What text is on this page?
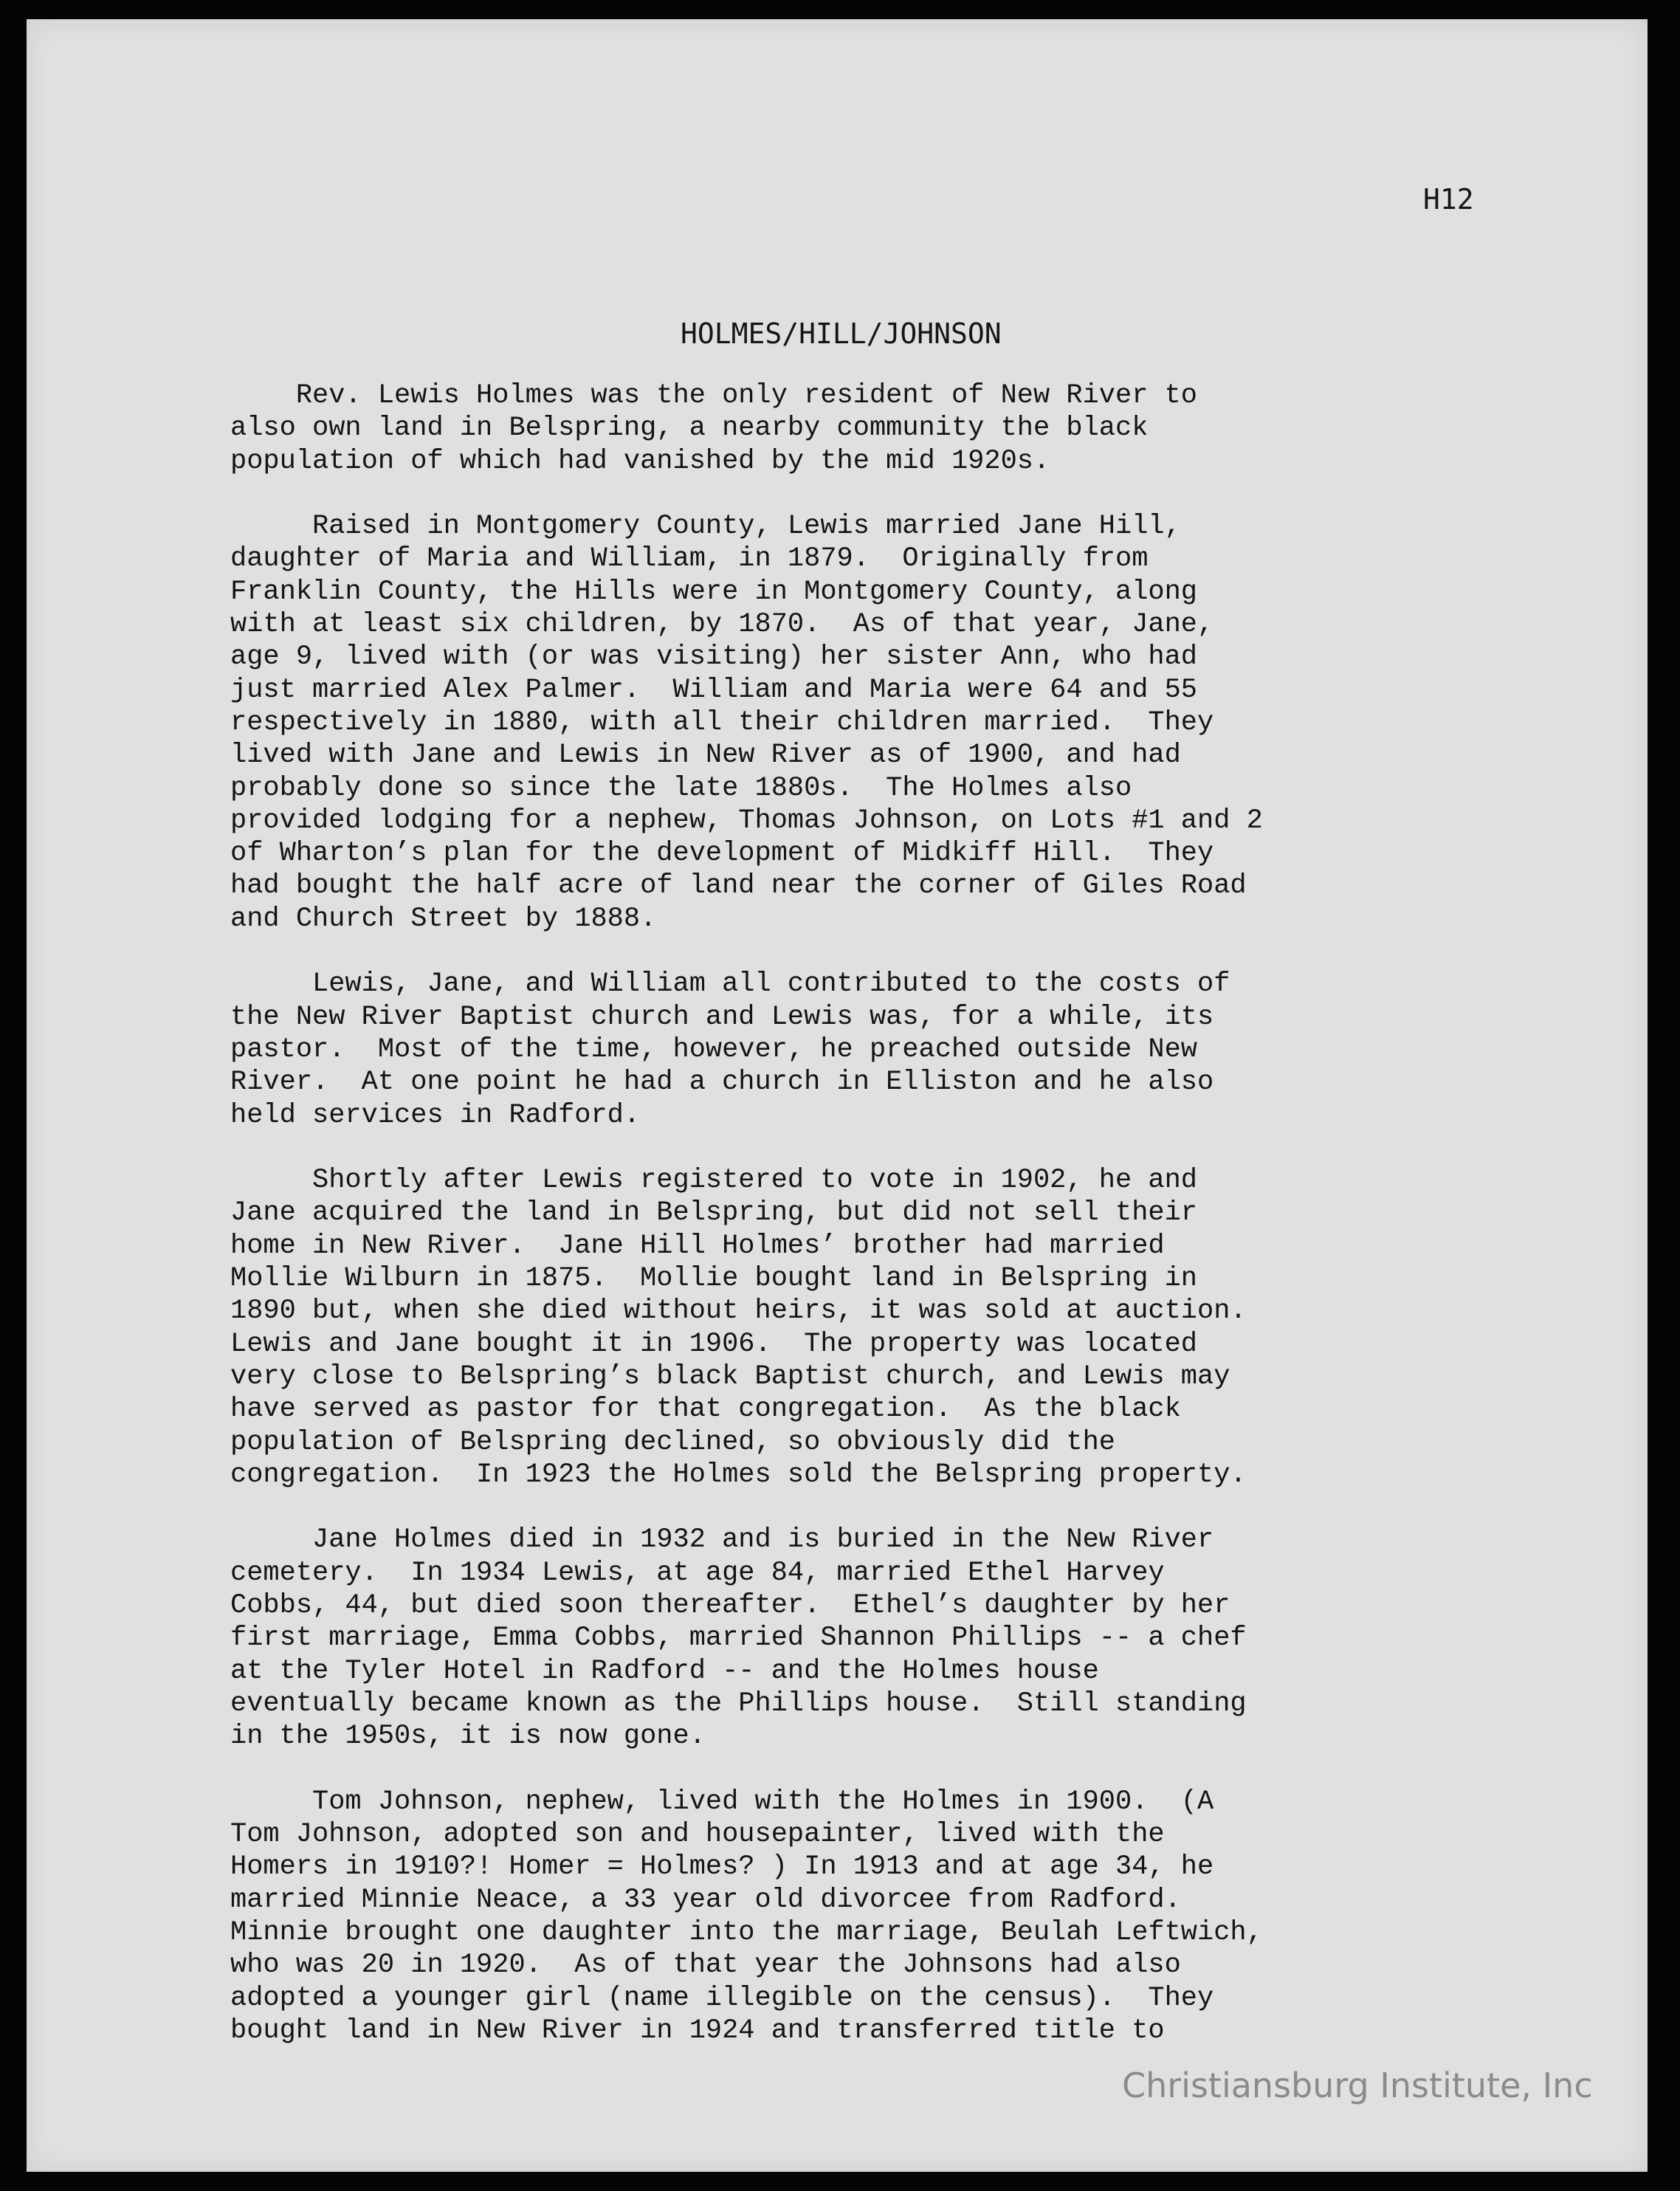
H12
HOLMES/HILL/JOHNSON

Rev. Lewis Holmes was the only resident of New River to
also own land in Belspring, a nearby community the black
population of which had vanished by the mid 1920s.

Raised in Montgomery County, Lewis married Jane Hill,
daughter of Maria and William, in 1879.  Originally from
Franklin County, the Hills were in Montgomery County, along
with at least six children, by 1870.  As of that year, Jane,
age 9, lived with (or was visiting) her sister Ann, who had
just married Alex Palmer.  William and Maria were 64 and 55
respectively in 1880, with all their children married.  They
lived with Jane and Lewis in New River as of 1900, and had
probably done so since the late 1880s.  The Holmes also
provided lodging for a nephew, Thomas Johnson, on Lots #1 and 2
of Wharton’s plan for the development of Midkiff Hill.  They
had bought the half acre of land near the corner of Giles Road
and Church Street by 1888.

Lewis, Jane, and William all contributed to the costs of
the New River Baptist church and Lewis was, for a while, its
pastor.  Most of the time, however, he preached outside New
River.  At one point he had a church in Elliston and he also
held services in Radford.

Shortly after Lewis registered to vote in 1902, he and
Jane acquired the land in Belspring, but did not sell their
home in New River.  Jane Hill Holmes’ brother had married
Mollie Wilburn in 1875.  Mollie bought land in Belspring in
1890 but, when she died without heirs, it was sold at auction.
Lewis and Jane bought it in 1906.  The property was located
very close to Belspring’s black Baptist church, and Lewis may
have served as pastor for that congregation.  As the black
population of Belspring declined, so obviously did the
congregation.  In 1923 the Holmes sold the Belspring property.

Jane Holmes died in 1932 and is buried in the New River
cemetery.  In 1934 Lewis, at age 84, married Ethel Harvey
Cobbs, 44, but died soon thereafter.  Ethel’s daughter by her
first marriage, Emma Cobbs, married Shannon Phillips -- a chef
at the Tyler Hotel in Radford -- and the Holmes house
eventually became known as the Phillips house.  Still standing
in the 1950s, it is now gone.

Tom Johnson, nephew, lived with the Holmes in 1900.  (A
Tom Johnson, adopted son and housepainter, lived with the
Homers in 1910?! Homer = Holmes? ) In 1913 and at age 34, he
married Minnie Neace, a 33 year old divorcee from Radford.
Minnie brought one daughter into the marriage, Beulah Leftwich,
who was 20 in 1920.  As of that year the Johnsons had also
adopted a younger girl (name illegible on the census).  They
bought land in New River in 1924 and transferred title to

Christiansburg Institute, Inc
